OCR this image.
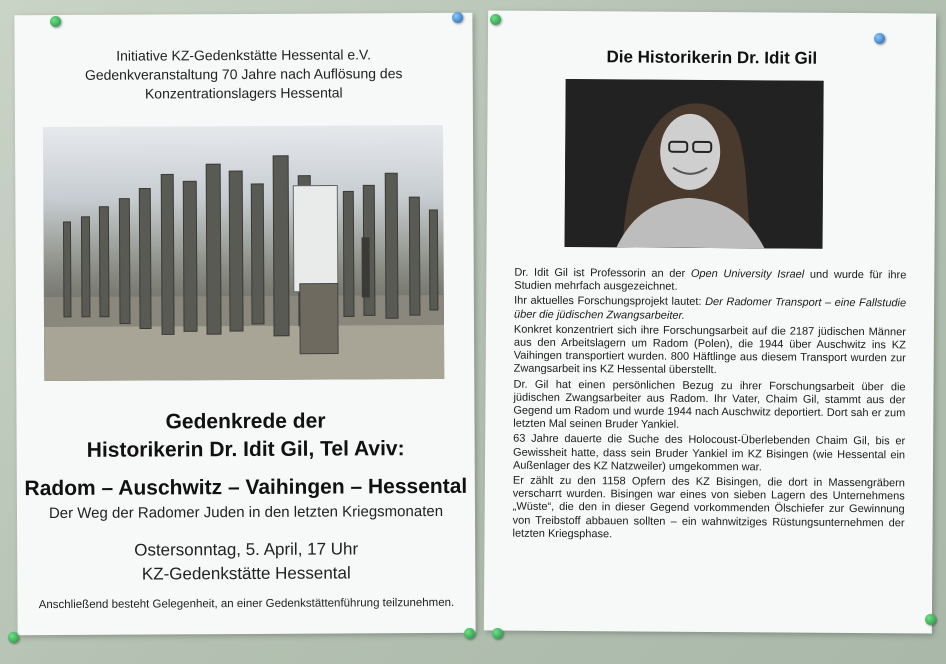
Initiative KZ-Gedenkstätte Hessental e.V.
Gedenkveranstaltung 70 Jahre nach Auflösung des
Konzentrationslagers Hessental
Gedenkrede der
Historikerin Dr. Idit Gil, Tel Aviv:
Radom – Auschwitz – Vaihingen – Hessental
Der Weg der Radomer Juden in den letzten Kriegsmonaten
Ostersonntag, 5. April, 17 Uhr
KZ-Gedenkstätte Hessental
Anschließend besteht Gelegenheit, an einer Gedenkstättenführung teilzunehmen.
Die Historikerin Dr. Idit Gil

Dr. Idit Gil ist Professorin an der Open University Israel und wurde für ihre Studien mehrfach ausgezeichnet.

Ihr aktuelles Forschungsprojekt lautet: Der Radomer Transport – eine Fallstudie über die jüdischen Zwangsarbeiter.

Konkret konzentriert sich ihre Forschungsarbeit auf die 2187 jüdischen Männer aus den Arbeitslagern um Radom (Polen), die 1944 über Auschwitz ins KZ Vaihingen transportiert wurden. 800 Häftlinge aus diesem Transport wurden zur Zwangsarbeit ins KZ Hessental überstellt.

Dr. Gil hat einen persönlichen Bezug zu ihrer Forschungsarbeit über die jüdischen Zwangsarbeiter aus Radom. Ihr Vater, Chaim Gil, stammt aus der Gegend um Radom und wurde 1944 nach Auschwitz deportiert. Dort sah er zum letzten Mal seinen Bruder Yankiel.

63 Jahre dauerte die Suche des Holocoust-Überlebenden Chaim Gil, bis er Gewissheit hatte, dass sein Bruder Yankiel im KZ Bisingen (wie Hessental ein Außenlager des KZ Natzweiler) umgekommen war.

Er zählt zu den 1158 Opfern des KZ Bisingen, die dort in Massengräbern verscharrt wurden. Bisingen war eines von sieben Lagern des Unternehmens „Wüste“, die den in dieser Gegend vorkommenden Ölschiefer zur Gewinnung von Treibstoff abbauen sollten – ein wahnwitziges Rüstungsunternehmen der letzten Kriegsphase.
